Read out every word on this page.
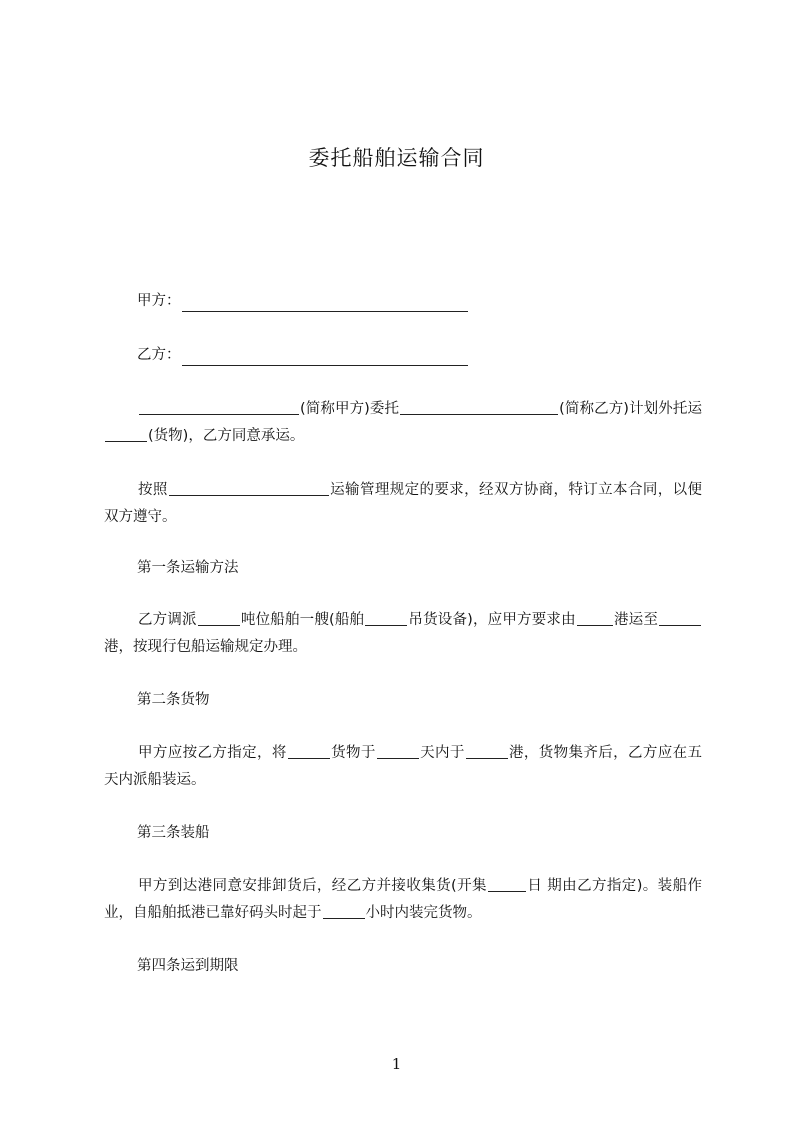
委托船舶运输合同
甲方：
乙方：
(简称甲方)委托	(简称乙方)计划外托运(货物)，乙方同意承运。
按照	运输管理规定的要求，经双方协商，特订立本合同，以便双方遵守。
第一条运输方法
乙方调派	吨位船舶一艘(船舶	吊货设备)，应甲方要求由	港运至港，按现行包船运输规定办理。
第二条货物
甲方应按乙方指定，将	货物于	天内于	港，货物集齐后，乙方应在五天内派船装运。
第三条装船
甲方到达港同意安排卸货后，经乙方并接收集货(开集	日 期由乙方指定)。装船作业，自船舶抵港已靠好码头时起于	小时内装完货物。
第四条运到期限
1
